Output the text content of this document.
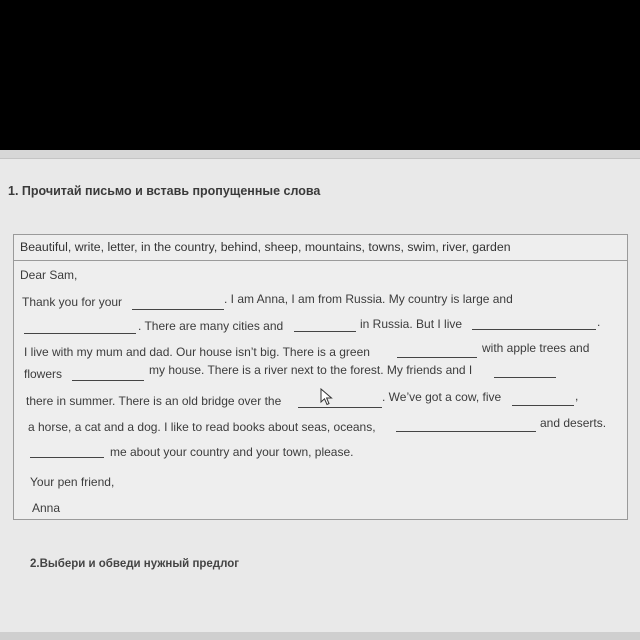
1. Прочитай письмо и вставь пропущенные слова
Beautiful, write, letter, in the country, behind, sheep, mountains, towns, swim, river, garden
Dear Sam,
Thank you for your	. I am Anna, I am from Russia. My country is large and
. There are many cities and	in Russia. But I live	.
I live with my mum and dad. Our house isn’t big. There is a green	with apple trees and
flowers	my house. There is a river next to the forest. My friends and I
there in summer. There is an old bridge over the	. We’ve got a cow, five	,
a horse, a cat and a dog. I like to read books about seas, oceans,	and deserts.
me about your country and your town, please.
Your pen friend,
Anna
2.Выбери и обведи нужный предлог
